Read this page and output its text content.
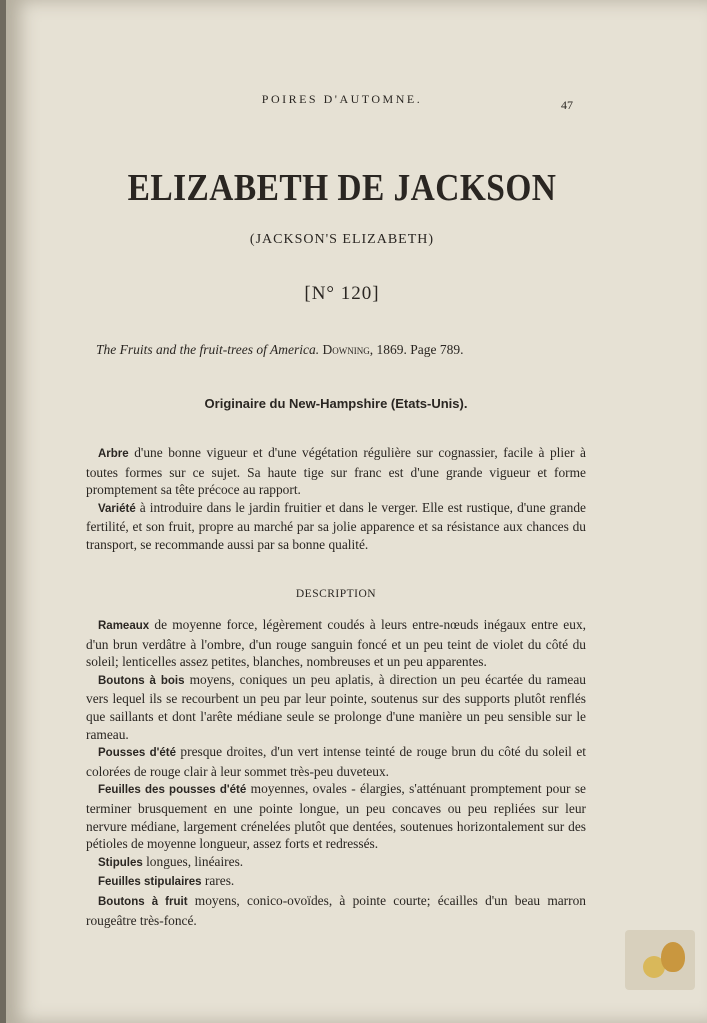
POIRES D'AUTOMNE.	47
ELIZABETH DE JACKSON
(JACKSON'S ELIZABETH)
[N° 120]
The Fruits and the fruit-trees of America. Downing, 1869. Page 789.
Originaire du New-Hampshire (Etats-Unis).

Arbre d'une bonne vigueur et d'une végétation régulière sur cognassier, facile à plier à toutes formes sur ce sujet. Sa haute tige sur franc est d'une grande vigueur et forme promptement sa tête précoce au rapport.

Variété à introduire dans le jardin fruitier et dans le verger. Elle est rustique, d'une grande fertilité, et son fruit, propre au marché par sa jolie apparence et sa résistance aux chances du transport, se recommande aussi par sa bonne qualité.

DESCRIPTION

Rameaux de moyenne force, légèrement coudés à leurs entre-nœuds inégaux entre eux, d'un brun verdâtre à l'ombre, d'un rouge sanguin foncé et un peu teint de violet du côté du soleil; lenticelles assez petites, blanches, nombreuses et un peu apparentes.

Boutons à bois moyens, coniques un peu aplatis, à direction un peu écartée du rameau vers lequel ils se recourbent un peu par leur pointe, soutenus sur des supports plutôt renflés que saillants et dont l'arête médiane seule se prolonge d'une manière un peu sensible sur le rameau.

Pousses d'été presque droites, d'un vert intense teinté de rouge brun du côté du soleil et colorées de rouge clair à leur sommet très-peu duveteux.

Feuilles des pousses d'été moyennes, ovales - élargies, s'atténuant promptement pour se terminer brusquement en une pointe longue, un peu concaves ou peu repliées sur leur nervure médiane, largement crénelées plutôt que dentées, soutenues horizontalement sur des pétioles de moyenne longueur, assez forts et redressés.

Stipules longues, linéaires.

Feuilles stipulaires rares.

Boutons à fruit moyens, conico-ovoïdes, à pointe courte; écailles d'un beau marron rougeâtre très-foncé.
